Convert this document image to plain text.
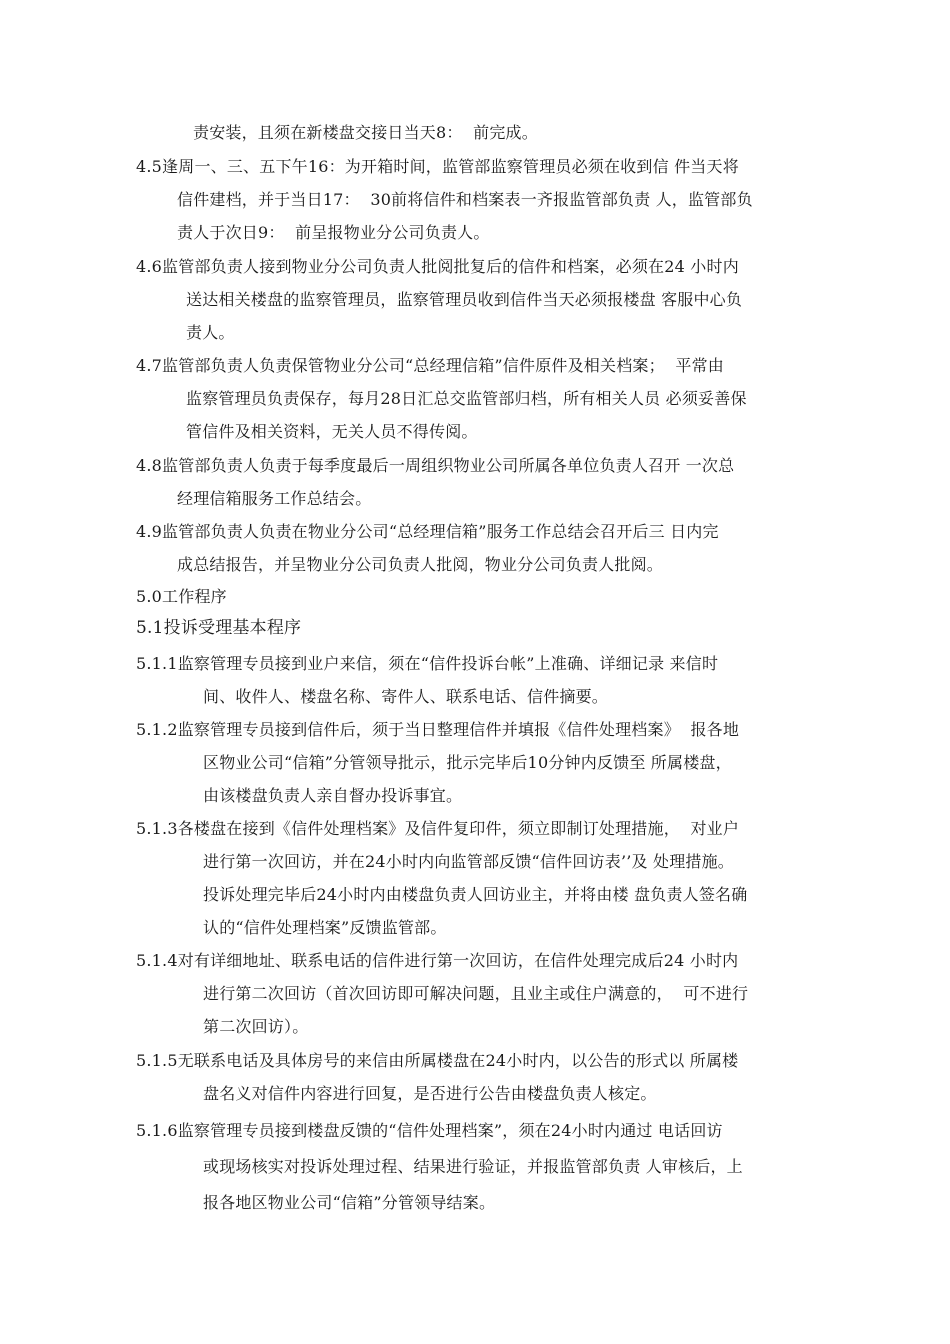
责安装，且须在新楼盘交接日当天8：  前完成。
4.5逢周一、三、五下午16：为开箱时间，监管部监察管理员必须在收到信 件当天将
信件建档，并于当日17：  30前将信件和档案表一齐报监管部负责 人，监管部负
责人于次日9：  前呈报物业分公司负责人。
4.6监管部负责人接到物业分公司负责人批阅批复后的信件和档案，必须在24 小时内
送达相关楼盘的监察管理员，监察管理员收到信件当天必须报楼盘 客服中心负
责人。
4.7监管部负责人负责保管物业分公司“总经理信箱”信件原件及相关档案；  平常由
监察管理员负责保存，每月28日汇总交监管部归档，所有相关人员 必须妥善保
管信件及相关资料，无关人员不得传阅。
4.8监管部负责人负责于每季度最后一周组织物业公司所属各单位负责人召开 一次总
经理信箱服务工作总结会。
4.9监管部负责人负责在物业分公司“总经理信箱”服务工作总结会召开后三 日内完
成总结报告，并呈物业分公司负责人批阅，物业分公司负责人批阅。
5.0工作程序
5.1投诉受理基本程序
5.1.1监察管理专员接到业户来信，须在“信件投诉台帐”上准确、详细记录 来信时
间、收件人、楼盘名称、寄件人、联系电话、信件摘要。
5.1.2监察管理专员接到信件后，须于当日整理信件并填报《信件处理档案》  报各地
区物业公司“信箱”分管领导批示，批示完毕后10分钟内反馈至 所属楼盘，
由该楼盘负责人亲自督办投诉事宜。
5.1.3各楼盘在接到《信件处理档案》及信件复印件，须立即制订处理措施，  对业户
进行第一次回访，并在24小时内向监管部反馈“信件回访表’’及 处理措施。
投诉处理完毕后24小时内由楼盘负责人回访业主，并将由楼 盘负责人签名确
认的“信件处理档案”反馈监管部。
5.1.4对有详细地址、联系电话的信件进行第一次回访，在信件处理完成后24 小时内
进行第二次回访（首次回访即可解决问题，且业主或住户满意的，  可不进行
第二次回访）。
5.1.5无联系电话及具体房号的来信由所属楼盘在24小时内，以公告的形式以 所属楼
盘名义对信件内容进行回复，是否进行公告由楼盘负责人核定。
5.1.6监察管理专员接到楼盘反馈的“信件处理档案”，须在24小时内通过 电话回访
或现场核实对投诉处理过程、结果进行验证，并报监管部负责 人审核后，上
报各地区物业公司“信箱”分管领导结案。
